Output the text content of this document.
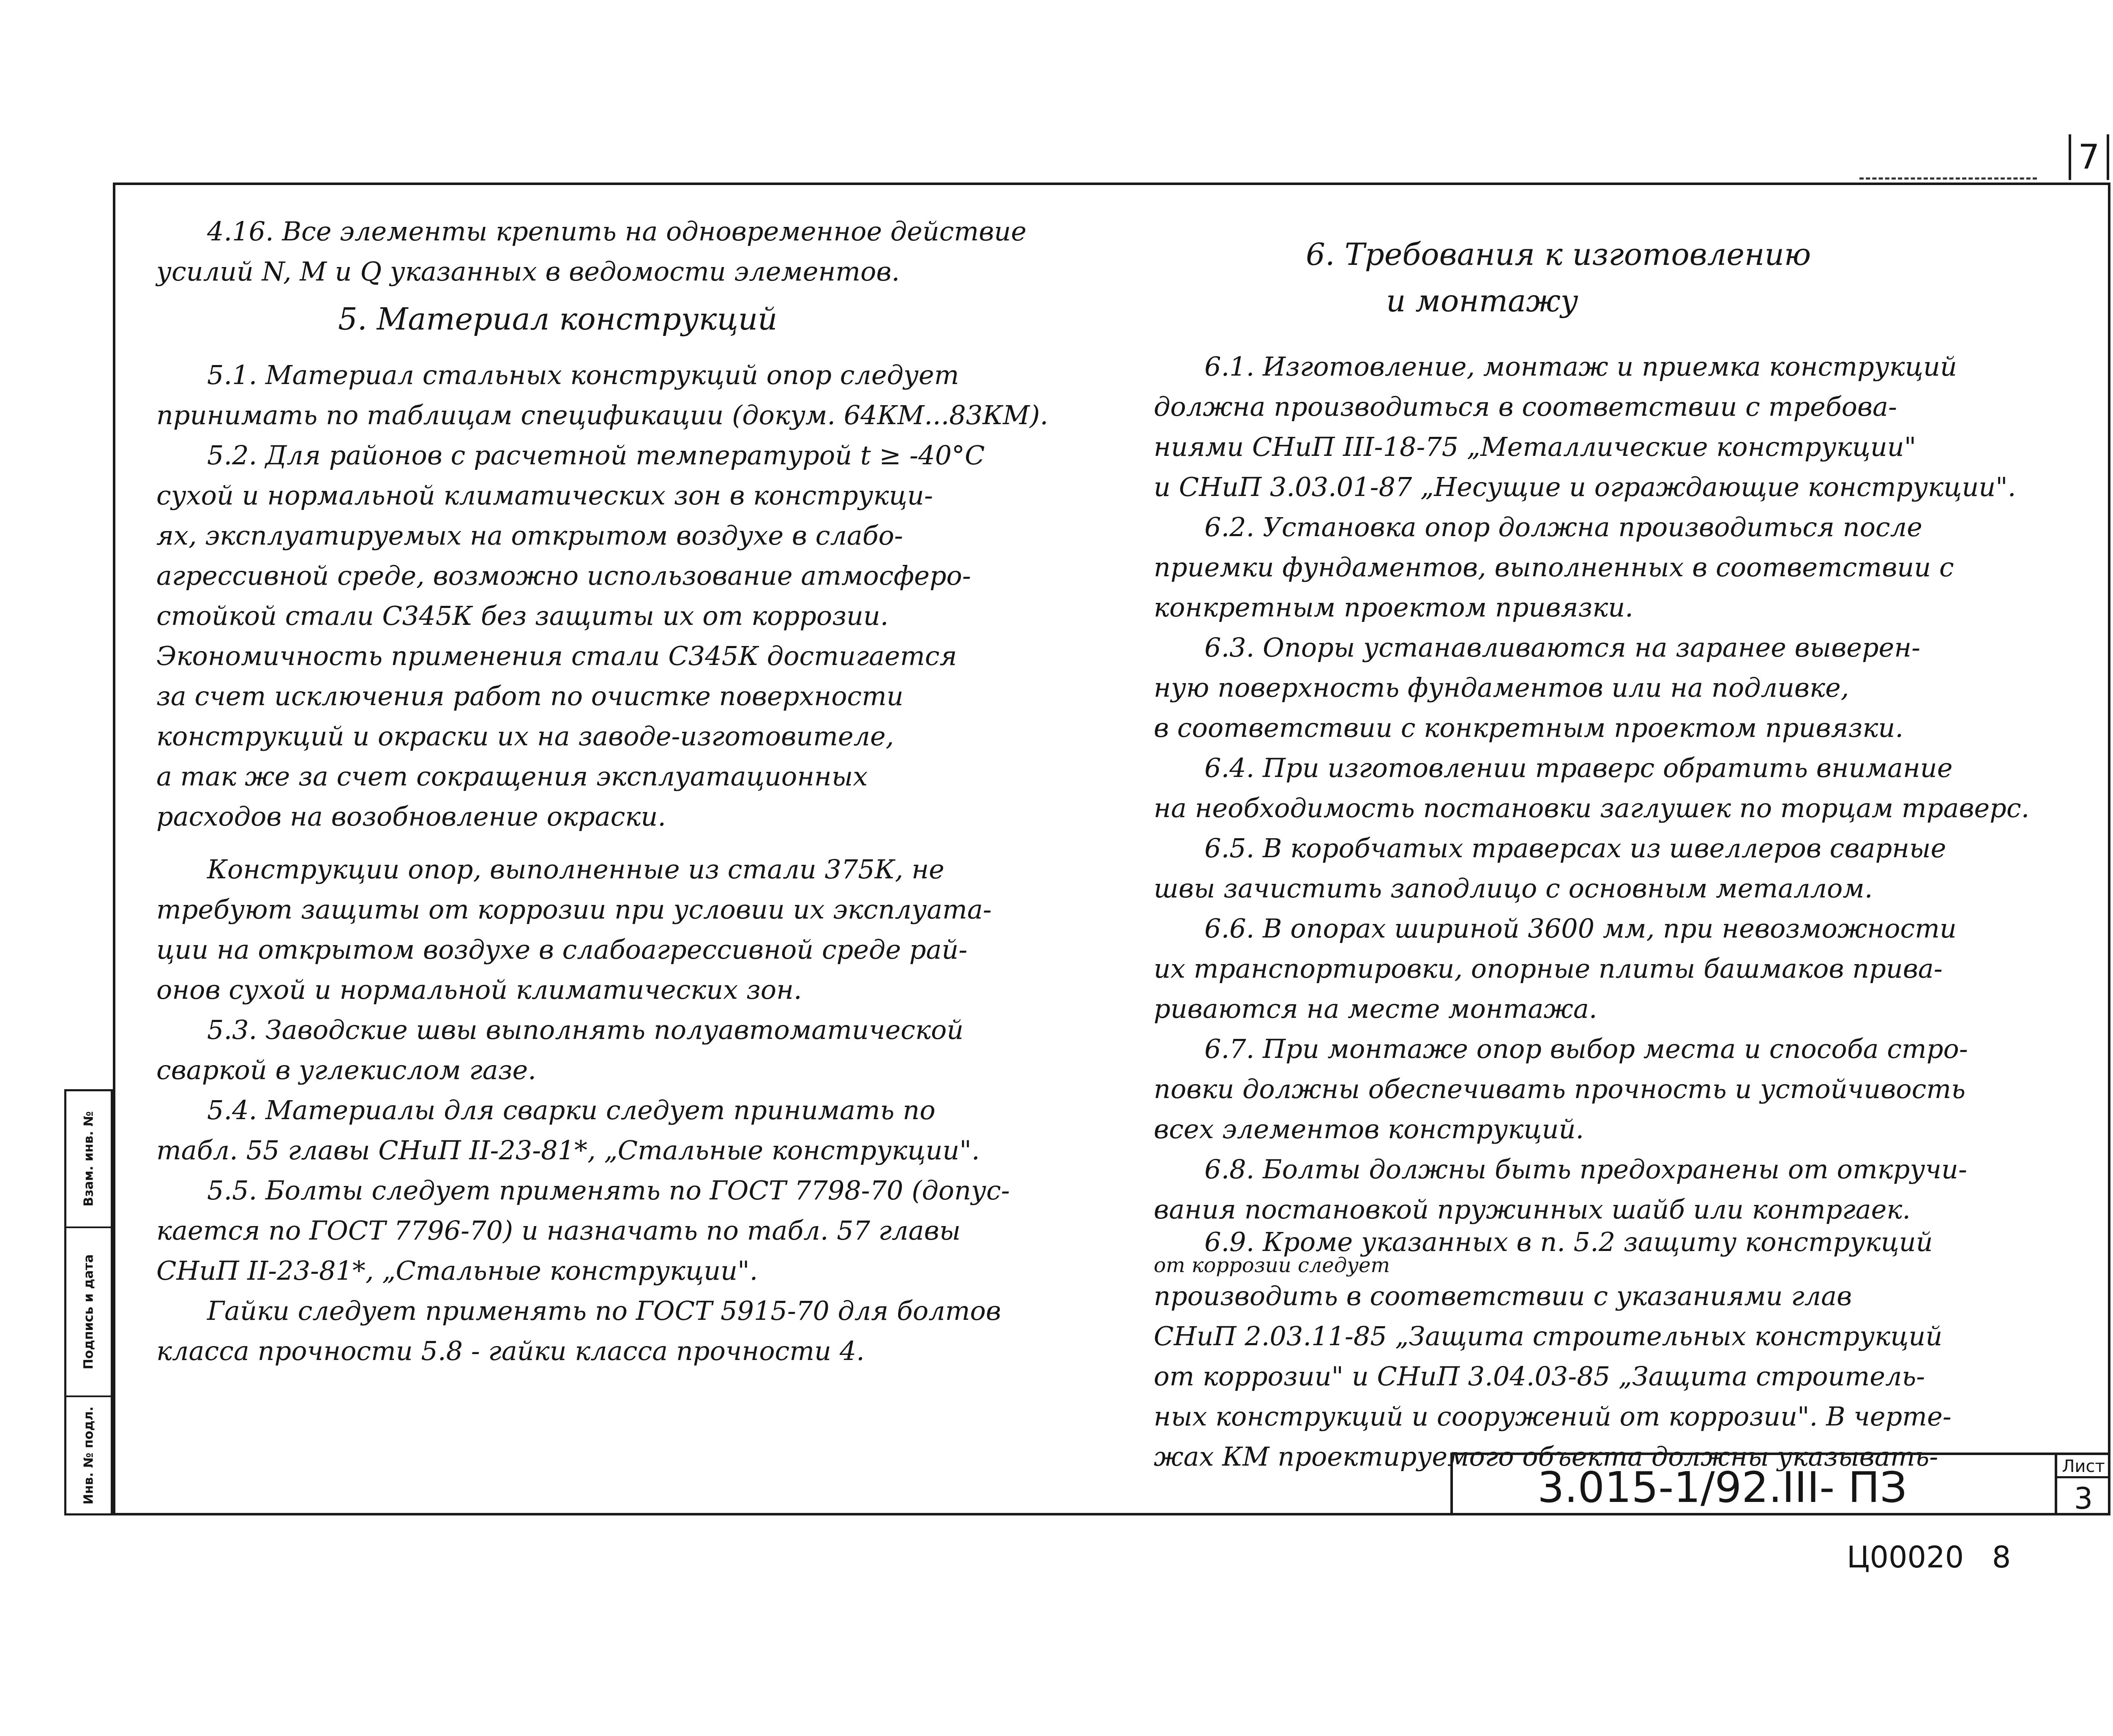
7

4.16. Все элементы крепить на одновременное действие

усилий N, M и Q указанных в ведомости элементов.

5. Материал конструкций

5.1. Материал стальных конструкций опор следует

принимать по таблицам спецификации (докум. 64КМ...83КМ).

5.2. Для районов с расчетной температурой t ≥ -40°С

сухой и нормальной климатических зон в конструкци-

ях, эксплуатируемых на открытом воздухе в слабо-

агрессивной среде, возможно использование атмосферо-

стойкой стали С345К без защиты их от коррозии.

Экономичность применения стали С345К достигается

за счет исключения работ по очистке поверхности

конструкций и окраски их на заводе-изготовителе,

а так же за счет сокращения эксплуатационных

расходов на возобновление окраски.

Конструкции опор, выполненные из стали 375К, не

требуют защиты от коррозии при условии их эксплуата-

ции на открытом воздухе в слабоагрессивной среде рай-

онов сухой и нормальной климатических зон.

5.3. Заводские швы выполнять полуавтоматической

сваркой в углекислом газе.

5.4. Материалы для сварки следует принимать по

табл. 55 главы СНиП II-23-81*, „Стальные конструкции".

5.5. Болты следует применять по ГОСТ 7798-70 (допус-

кается по ГОСТ 7796-70) и назначать по табл. 57 главы

СНиП II-23-81*, „Стальные конструкции".

Гайки следует применять по ГОСТ 5915-70 для болтов

класса прочности 5.8 - гайки класса прочности 4.

6. Требования к изготовлению
и монтажу

6.1. Изготовление, монтаж и приемка конструкций

должна производиться в соответствии с требова-

ниями СНиП III-18-75 „Металлические конструкции"

и СНиП 3.03.01-87 „Несущие и ограждающие конструкции".

6.2. Установка опор должна производиться после

приемки фундаментов, выполненных в соответствии с

конкретным проектом привязки.

6.3. Опоры устанавливаются на заранее выверен-

ную поверхность фундаментов или на подливке,

в соответствии с конкретным проектом привязки.

6.4. При изготовлении траверс обратить внимание

на необходимость постановки заглушек по торцам траверс.

6.5. В коробчатых траверсах из швеллеров сварные

швы зачистить заподлицо с основным металлом.

6.6. В опорах шириной 3600 мм, при невозможности

их транспортировки, опорные плиты башмаков прива-

риваются на месте монтажа.

6.7. При монтаже опор выбор места и способа стро-

повки должны обеспечивать прочность и устойчивость

всех элементов конструкций.

6.8. Болты должны быть предохранены от откручи-

вания постановкой пружинных шайб или контргаек.

6.9. Кроме указанных в п. 5.2 защиту конструкций

от коррозии следует

производить в соответствии с указаниями глав

СНиП 2.03.11-85 „Защита строительных конструкций

от коррозии" и СНиП 3.04.03-85 „Защита строитель-

ных конструкций и сооружений от коррозии". В черте-

жах КМ проектируемого объекта должны указывать-

3.015-1/92.III- ПЗ	Лист
3
Взам. инв. №
Подпись и дата
Инв. № подл.
Ц00020   8
